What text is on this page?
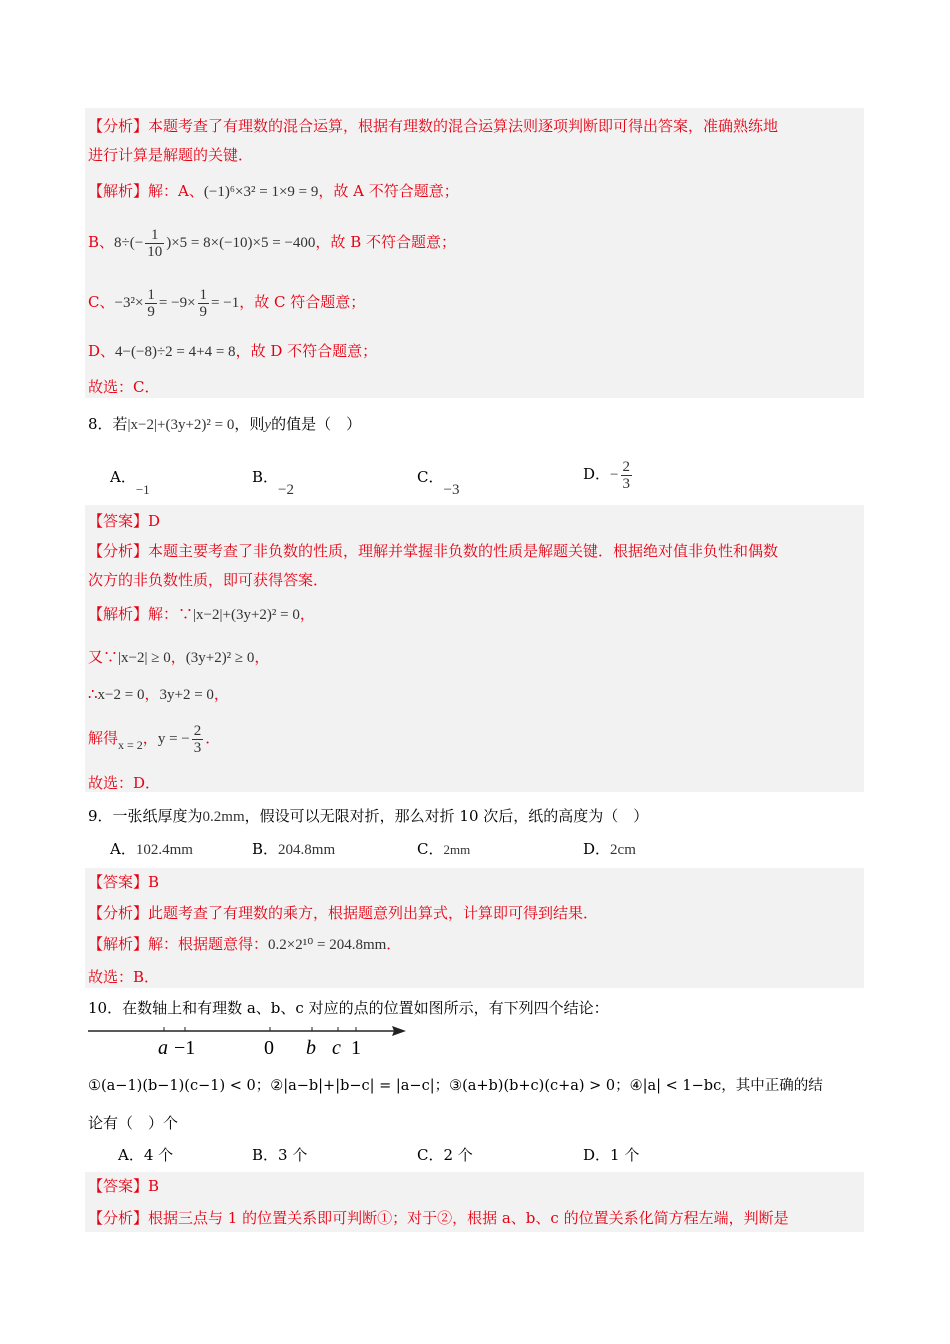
【分析】本题考查了有理数的混合运算，根据有理数的混合运算法则逐项判断即可得出答案，准确熟练地
进行计算是解题的关键．
【解析】解：A、(−1)⁶×3² = 1×9 = 9，故 A 不符合题意；
B、$8\div(- \frac{1}{10} )\times 5 = 8\times(-10)\times 5 = -400$，故 B 不符合题意；
C、$-3^2\times \frac{1}{9} = -9\times \frac{1}{9} = -1$，故 C 符合题意；
D、4−(−8)÷2 = 4+4 = 8，故 D 不符合题意；
故选：C．
8．若|x−2|+(3y+2)² = 0，则y的值是（　）
A．−1
B．−2
C．−3
D．− $\frac{2}{3}$
【答案】D
【分析】本题主要考查了非负数的性质，理解并掌握非负数的性质是解题关键．根据绝对值非负性和偶数
次方的非负数性质，即可获得答案．
【解析】解：∵|x−2|+(3y+2)² = 0，
又∵|x−2| ≥ 0，(3y+2)² ≥ 0，
∴x−2 = 0，3y+2 = 0，
解得$_{x = 2}$，y = − $\frac{2}{3}$ ．
故选：D．
9．一张纸厚度为0.2mm，假设可以无限对折，那么对折 10 次后，纸的高度为（　）
A．102.4mm	B．204.8mm	C．2mm	D．2cm
【答案】B
【分析】此题考查了有理数的乘方，根据题意列出算式，计算即可得到结果．
【解析】解：根据题意得：0.2×2¹⁰ = 204.8mm．
故选：B．
10．在数轴上和有理数 a、b、c 对应的点的位置如图所示，有下列四个结论：
a −1	0 b c 1
①(a−1)(b−1)(c−1) < 0；②|a−b|+|b−c| = |a−c|；③(a+b)(b+c)(c+a) > 0；④|a| < 1−bc，其中正确的结
论有（　）个
A．4 个	B．3 个	C．2 个	D．1 个
【答案】B
【分析】根据三点与 1 的位置关系即可判断①；对于②，根据 a、b、c 的位置关系化简方程左端，判断是
